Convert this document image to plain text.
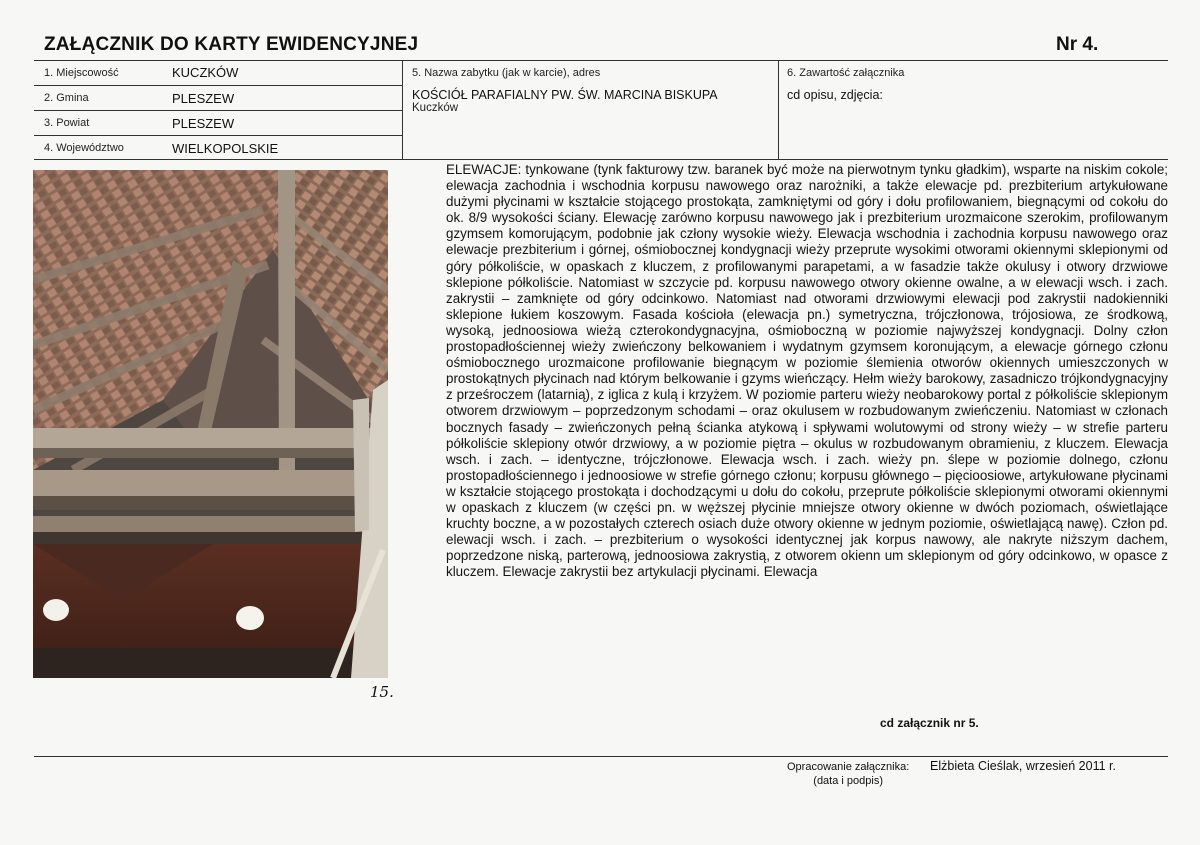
ZAŁĄCZNIK DO KARTY EWIDENCYJNEJ	Nr 4.
1. Miejscowość	KUCZKÓW
2. Gmina	PLESZEW
3. Powiat	PLESZEW
4. Województwo	WIELKOPOLSKIE
5. Nazwa zabytku (jak w karcie), adres
KOŚCIÓŁ PARAFIALNY PW. ŚW. MARCINA BISKUPA
Kuczków
6. Zawartość załącznika
cd opisu, zdjęcia:
15.
ELEWACJE: tynkowane (tynk fakturowy tzw. baranek być może na pierwotnym tynku gładkim), wsparte na niskim cokole; elewacja zachodnia i wschodnia korpusu nawowego oraz narożniki, a także elewacje pd. prezbiterium artykułowane dużymi płycinami w kształcie stojącego prostokąta, zamkniętymi od góry i dołu profilowaniem, biegnącymi od cokołu do ok. 8/9 wysokości ściany. Elewację zarówno korpusu nawowego jak i prezbiterium urozmaicone szerokim, profilowanym gzymsem komorującym, podobnie jak człony wysokie wieży. Elewacja wschodnia i zachodnia korpusu nawowego oraz elewacje prezbiterium i górnej, ośmiobocznej kondygnacji wieży przeprute wysokimi otworami okiennymi sklepionymi od góry półkoliście, w opaskach z kluczem, z profilowanymi parapetami, a w fasadzie także okulusy i otwory drzwiowe sklepione półkoliście. Natomiast w szczycie pd. korpusu nawowego otwory okienne owalne, a w elewacji wsch. i zach. zakrystii – zamknięte od góry odcinkowo. Natomiast nad otworami drzwiowymi elewacji pod zakrystii nadokienniki sklepione łukiem koszowym. Fasada kościoła (elewacja pn.) symetryczna, trójczłonowa, trójosiowa, ze środkową, wysoką, jednoosiowa wieżą czterokondygnacyjna, ośmioboczną w poziomie najwyższej kondygnacji. Dolny człon prostopadłościennej wieży zwieńczony belkowaniem i wydatnym gzymsem koronującym, a elewacje górnego członu ośmiobocznego urozmaicone profilowanie biegnącym w poziomie ślemienia otworów okiennych umieszczonych w prostokątnych płycinach nad którym belkowanie i gzyms wieńczący. Hełm wieży barokowy, zasadniczo trójkondygnacyjny z prześroczem (latarnią), z iglica z kulą i krzyżem. W poziomie parteru wieży neobarokowy portal z półkoliście sklepionym otworem drzwiowym – poprzedzonym schodami – oraz okulusem w rozbudowanym zwieńczeniu. Natomiast w członach bocznych fasady – zwieńczonych pełną ścianka atykową i spływami wolutowymi od strony wieży – w strefie parteru półkoliście sklepiony otwór drzwiowy, a w poziomie piętra – okulus w rozbudowanym obramieniu, z kluczem. Elewacja wsch. i zach. – identyczne, trójczłonowe. Elewacja wsch. i zach. wieży pn. ślepe w poziomie dolnego, członu prostopadłościennego i jednoosiowe w strefie górnego członu; korpusu głównego – pięcioosiowe, artykułowane płycinami w kształcie stojącego prostokąta i dochodzącymi u dołu do cokołu, przeprute półkoliście sklepionymi otworami okiennymi w opaskach z kluczem (w części pn. w węższej płycinie mniejsze otwory okienne w dwóch poziomach, oświetlające kruchty boczne, a w pozostałych czterech osiach duże otwory okienne w jednym poziomie, oświetlającą nawę). Człon pd. elewacji wsch. i zach. – prezbiterium o wysokości identycznej jak korpus nawowy, ale nakryte niższym dachem, poprzedzone niską, parterową, jednoosiowa zakrystią, z otworem okienn um sklepionym od góry odcinkowo, w opasce z kluczem. Elewacje zakrystii bez artykulacji płycinami. Elewacja
cd załącznik nr 5.
Opracowanie załącznika:
(data i podpis)
Elżbieta Cieślak, wrzesień 2011 r.
